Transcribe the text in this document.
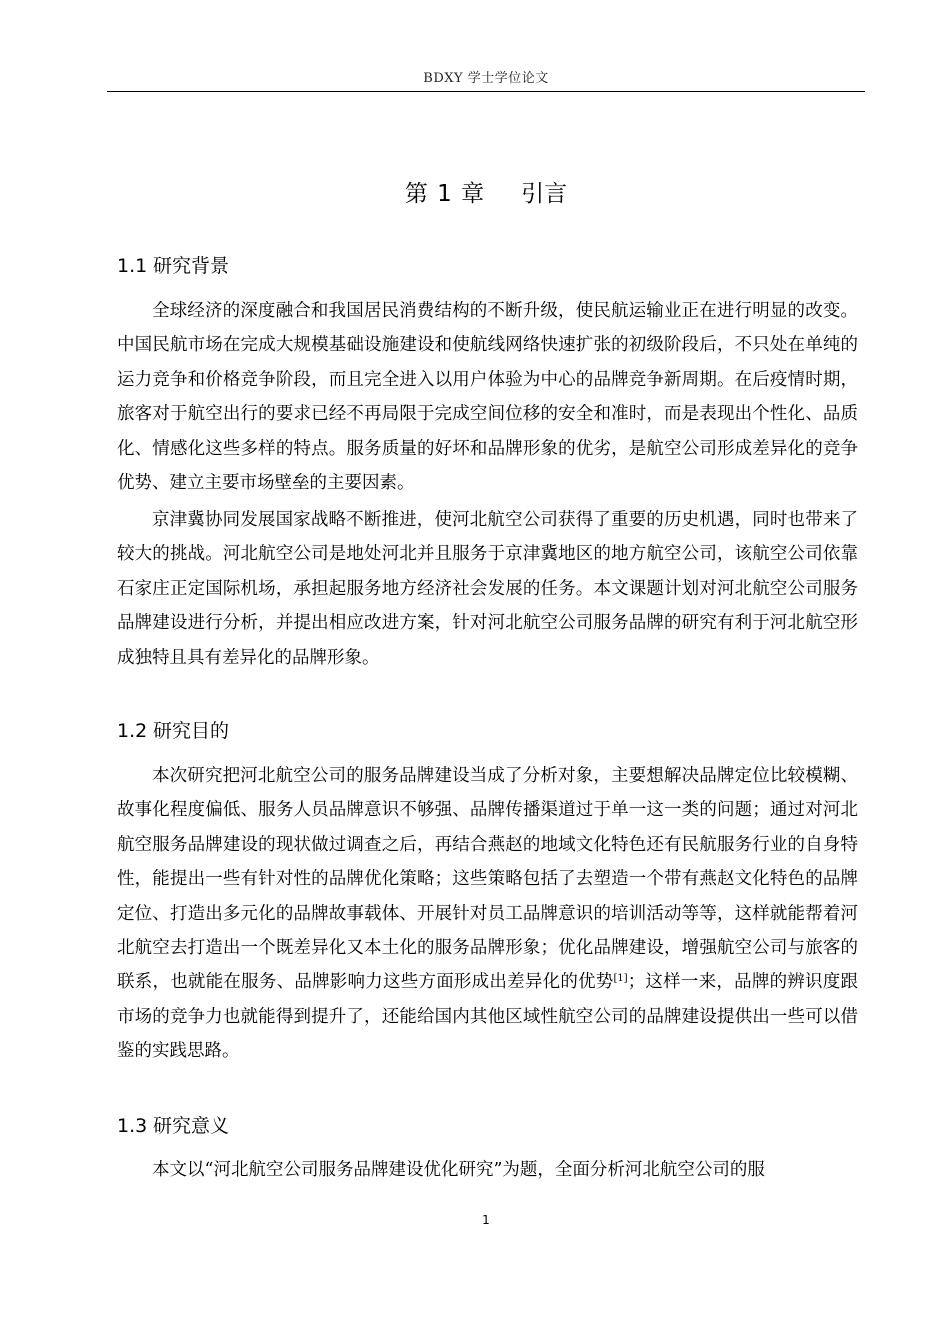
BDXY 学士学位论文
第 1 章 引言
1.1 研究背景

全球经济的深度融合和我国居民消费结构的不断升级，使民航运输业正在进行明显的改变。中国民航市场在完成大规模基础设施建设和使航线网络快速扩张的初级阶段后，不只处在单纯的运力竞争和价格竞争阶段，而且完全进入以用户体验为中心的品牌竞争新周期。在后疫情时期，旅客对于航空出行的要求已经不再局限于完成空间位移的安全和准时，而是表现出个性化、品质化、情感化这些多样的特点。服务质量的好坏和品牌形象的优劣，是航空公司形成差异化的竞争优势、建立主要市场壁垒的主要因素。

京津冀协同发展国家战略不断推进，使河北航空公司获得了重要的历史机遇，同时也带来了较大的挑战。河北航空公司是地处河北并且服务于京津冀地区的地方航空公司，该航空公司依靠石家庄正定国际机场，承担起服务地方经济社会发展的任务。本文课题计划对河北航空公司服务品牌建设进行分析，并提出相应改进方案，针对河北航空公司服务品牌的研究有利于河北航空形成独特且具有差异化的品牌形象。

1.2 研究目的

本次研究把河北航空公司的服务品牌建设当成了分析对象，主要想解决品牌定位比较模糊、故事化程度偏低、服务人员品牌意识不够强、品牌传播渠道过于单一这一类的问题；通过对河北航空服务品牌建设的现状做过调查之后，再结合燕赵的地域文化特色还有民航服务行业的自身特性，能提出一些有针对性的品牌优化策略；这些策略包括了去塑造一个带有燕赵文化特色的品牌定位、打造出多元化的品牌故事载体、开展针对员工品牌意识的培训活动等等，这样就能帮着河北航空去打造出一个既差异化又本土化的服务品牌形象；优化品牌建设，增强航空公司与旅客的联系，也就能在服务、品牌影响力这些方面形成出差异化的优势[1]；这样一来，品牌的辨识度跟市场的竞争力也就能得到提升了，还能给国内其他区域性航空公司的品牌建设提供出一些可以借鉴的实践思路。

1.3 研究意义

本文以“河北航空公司服务品牌建设优化研究”为题，全面分析河北航空公司的服

1
